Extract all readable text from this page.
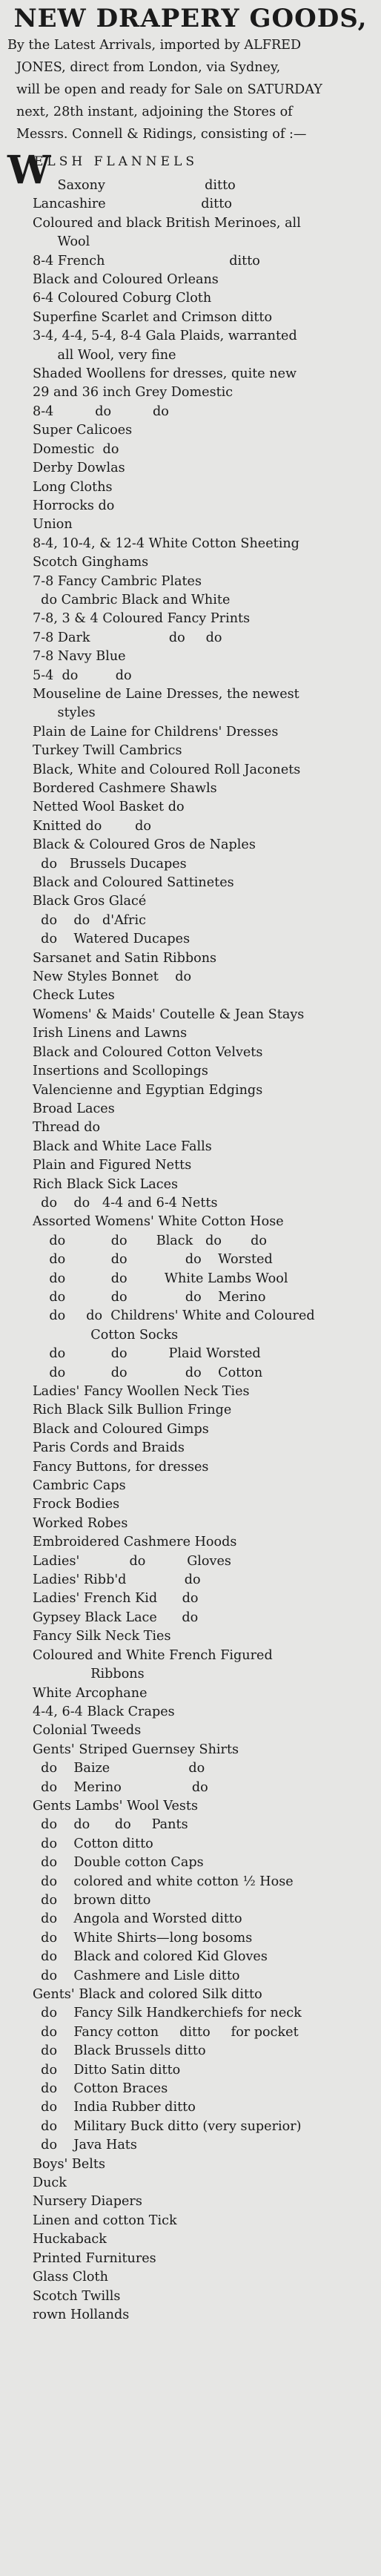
NEW DRAPERY GOODS,
By the Latest Arrivals, imported by ALFRED
JONES, direct from London, via Sydney,
will be open and ready for Sale on SATURDAY
next, 28th instant, adjoining the Stores of
Messrs. Connell & Ridings, consisting of :—
W
ELSH FLANNELS
Saxony                        ditto
Lancashire                       ditto
Coloured and black British Merinoes, all
Wool
8-4 French                              ditto
Black and Coloured Orleans
6-4 Coloured Coburg Cloth
Superfine Scarlet and Crimson ditto
3-4, 4-4, 5-4, 8-4 Gala Plaids, warranted
all Wool, very fine
Shaded Woollens for dresses, quite new
29 and 36 inch Grey Domestic
8-4          do          do
Super Calicoes
Domestic  do
Derby Dowlas
Long Cloths
Horrocks do
Union
8-4, 10-4, & 12-4 White Cotton Sheeting
Scotch Ginghams
7-8 Fancy Cambric Plates
do Cambric Black and White
7-8, 3 & 4 Coloured Fancy Prints
7-8 Dark                   do     do
7-8 Navy Blue
5-4  do         do
Mouseline de Laine Dresses, the newest
styles
Plain de Laine for Childrens' Dresses
Turkey Twill Cambrics
Black, White and Coloured Roll Jaconets
Bordered Cashmere Shawls
Netted Wool Basket do
Knitted do        do
Black & Coloured Gros de Naples
do   Brussels Ducapes
Black and Coloured Sattinetes
Black Gros Glacé
do    do   d'Afric
do    Watered Ducapes
Sarsanet and Satin Ribbons
New Styles Bonnet    do
Check Lutes
Womens' & Maids' Coutelle & Jean Stays
Irish Linens and Lawns
Black and Coloured Cotton Velvets
Insertions and Scollopings
Valencienne and Egyptian Edgings
Broad Laces
Thread do
Black and White Lace Falls
Plain and Figured Netts
Rich Black Sick Laces
do    do   4-4 and 6-4 Netts
Assorted Womens' White Cotton Hose
do           do       Black   do       do
do           do              do    Worsted
do           do         White Lambs Wool
do           do              do    Merino
do     do  Childrens' White and Coloured
Cotton Socks
do           do          Plaid Worsted
do           do              do    Cotton
Ladies' Fancy Woollen Neck Ties
Rich Black Silk Bullion Fringe
Black and Coloured Gimps
Paris Cords and Braids
Fancy Buttons, for dresses
Cambric Caps
Frock Bodies
Worked Robes
Embroidered Cashmere Hoods
Ladies'            do          Gloves
Ladies' Ribb'd              do
Ladies' French Kid      do
Gypsey Black Lace      do
Fancy Silk Neck Ties
Coloured and White French Figured
Ribbons
White Arcophane
4-4, 6-4 Black Crapes
Colonial Tweeds
Gents' Striped Guernsey Shirts
do    Baize                   do
do    Merino                 do
Gents Lambs' Wool Vests
do    do      do     Pants
do    Cotton ditto
do    Double cotton Caps
do    colored and white cotton ½ Hose
do    brown ditto
do    Angola and Worsted ditto
do    White Shirts—long bosoms
do    Black and colored Kid Gloves
do    Cashmere and Lisle ditto
Gents' Black and colored Silk ditto
do    Fancy Silk Handkerchiefs for neck
do    Fancy cotton     ditto     for pocket
do    Black Brussels ditto
do    Ditto Satin ditto
do    Cotton Braces
do    India Rubber ditto
do    Military Buck ditto (very superior)
do    Java Hats
Boys' Belts
Duck
Nursery Diapers
Linen and cotton Tick
Huckaback
Printed Furnitures
Glass Cloth
Scotch Twills
rown Hollands
